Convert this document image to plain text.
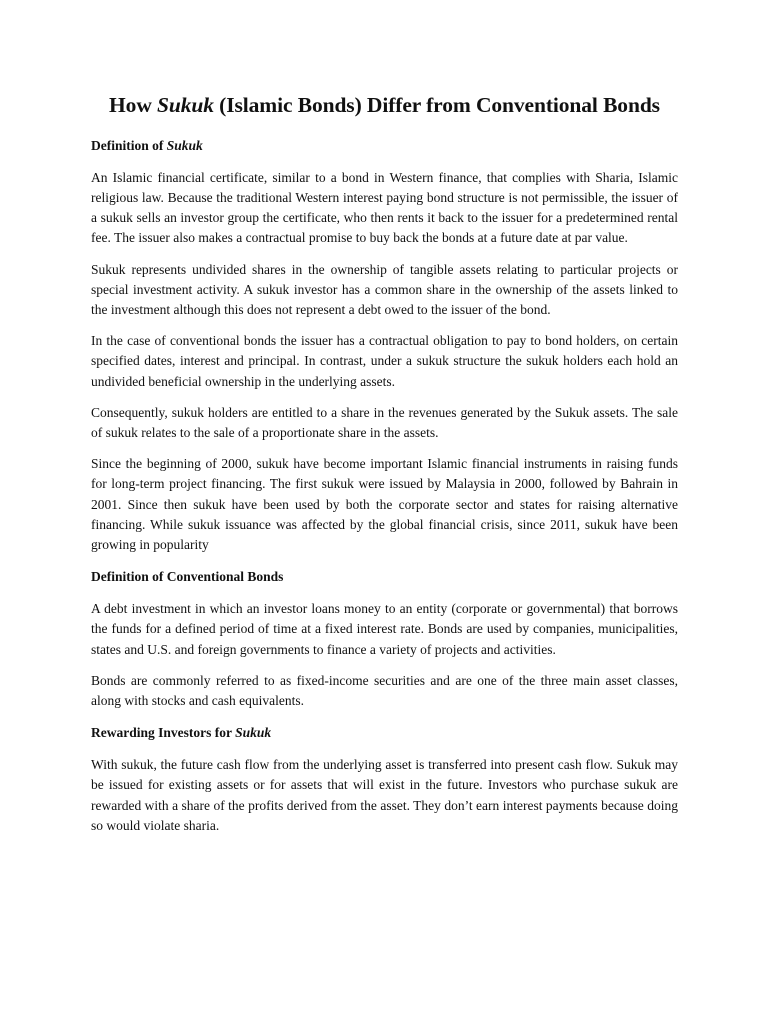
How Sukuk (Islamic Bonds) Differ from Conventional Bonds
Definition of Sukuk

An Islamic financial certificate, similar to a bond in Western finance, that complies with Sharia, Islamic religious law. Because the traditional Western interest paying bond structure is not permissible, the issuer of a sukuk sells an investor group the certificate, who then rents it back to the issuer for a predetermined rental fee. The issuer also makes a contractual promise to buy back the bonds at a future date at par value.

Sukuk represents undivided shares in the ownership of tangible assets relating to particular projects or special investment activity. A sukuk investor has a common share in the ownership of the assets linked to the investment although this does not represent a debt owed to the issuer of the bond.

In the case of conventional bonds the issuer has a contractual obligation to pay to bond holders, on certain specified dates, interest and principal. In contrast, under a sukuk structure the sukuk holders each hold an undivided beneficial ownership in the underlying assets.

Consequently, sukuk holders are entitled to a share in the revenues generated by the Sukuk assets. The sale of sukuk relates to the sale of a proportionate share in the assets.

Since the beginning of 2000, sukuk have become important Islamic financial instruments in raising funds for long-term project financing. The first sukuk were issued by Malaysia in 2000, followed by Bahrain in 2001. Since then sukuk have been used by both the corporate sector and states for raising alternative financing. While sukuk issuance was affected by the global financial crisis, since 2011, sukuk have been growing in popularity

Definition of Conventional Bonds

A debt investment in which an investor loans money to an entity (corporate or governmental) that borrows the funds for a defined period of time at a fixed interest rate. Bonds are used by companies, municipalities, states and U.S. and foreign governments to finance a variety of projects and activities.

Bonds are commonly referred to as fixed-income securities and are one of the three main asset classes, along with stocks and cash equivalents.

Rewarding Investors for Sukuk

With sukuk, the future cash flow from the underlying asset is transferred into present cash flow. Sukuk may be issued for existing assets or for assets that will exist in the future. Investors who purchase sukuk are rewarded with a share of the profits derived from the asset. They don’t earn interest payments because doing so would violate sharia.
